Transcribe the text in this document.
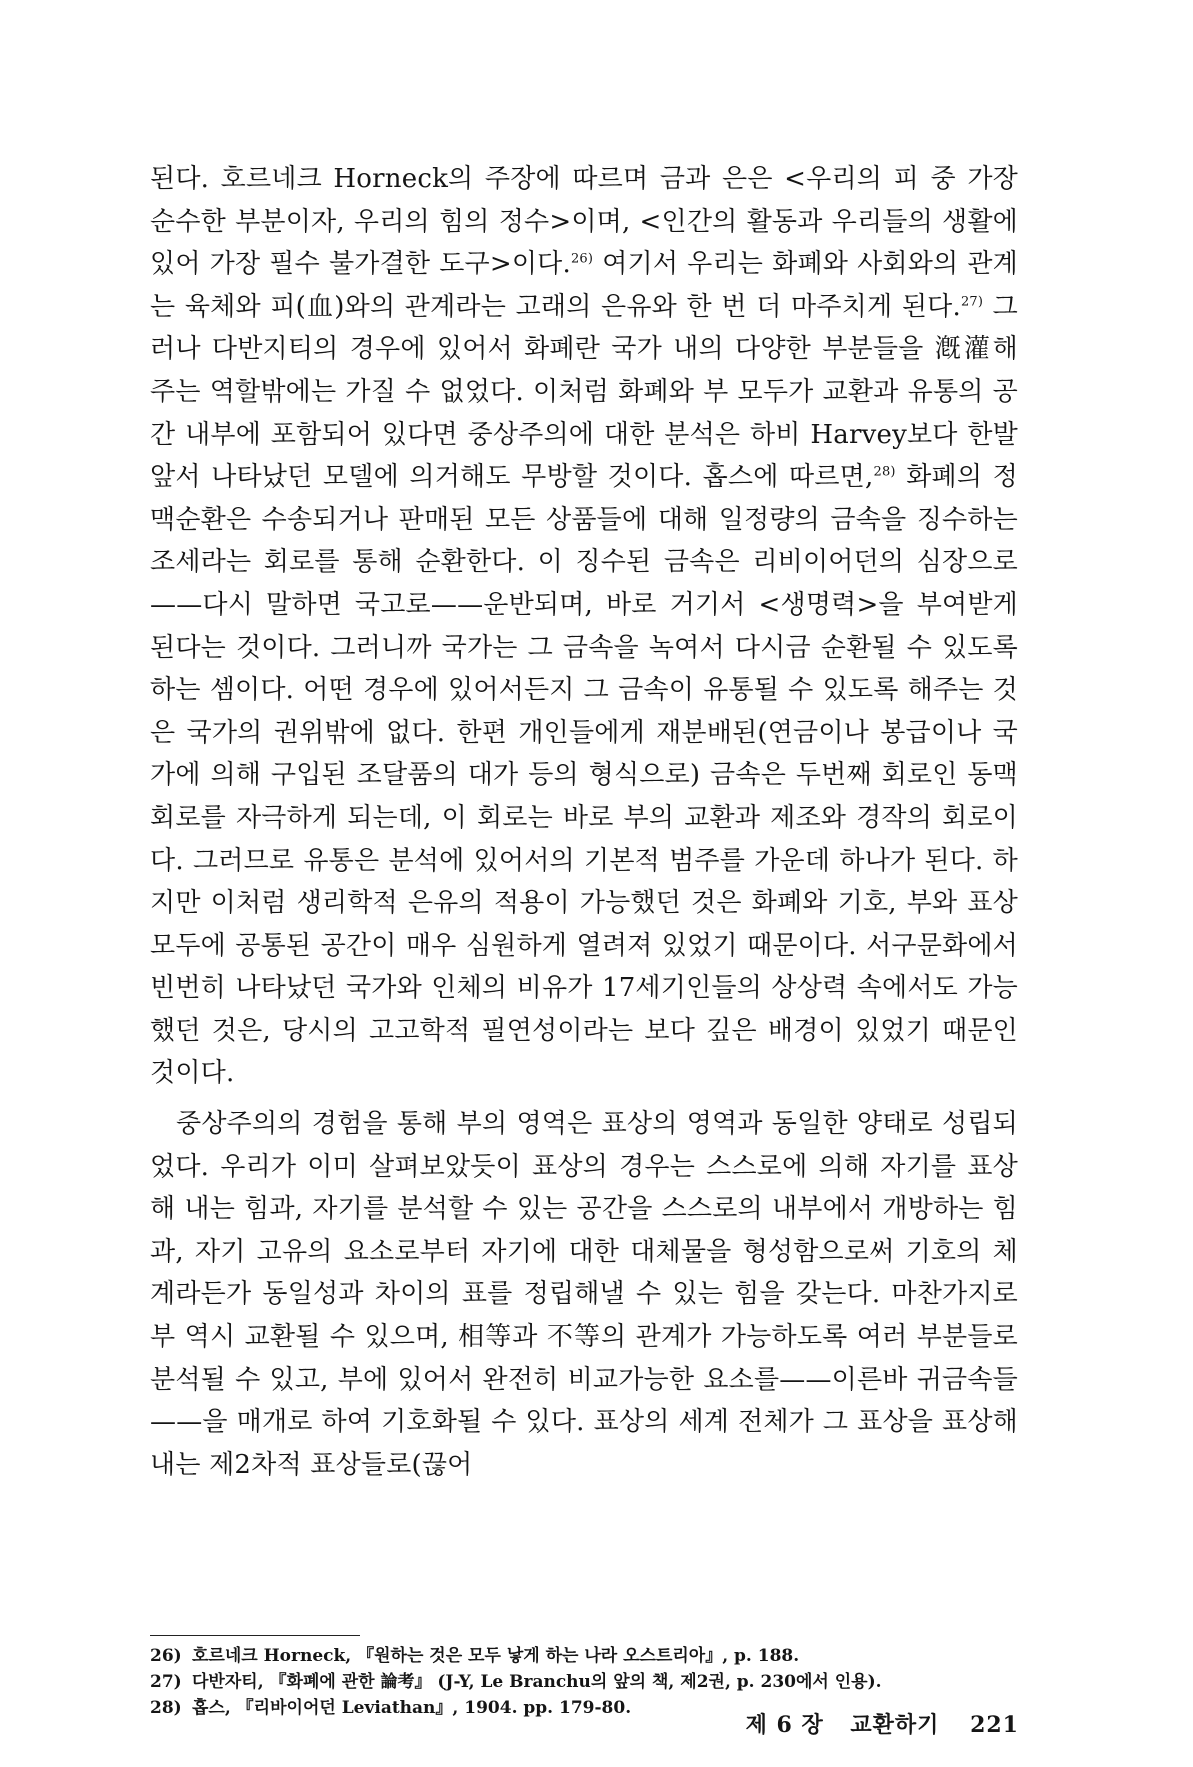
된다. 호르네크 Horneck의 주장에 따르며 금과 은은 <우리의 피 중 가장 순수한 부분이자, 우리의 힘의 정수>이며, <인간의 활동과 우리들의 생활에 있어 가장 필수 불가결한 도구>이다.$^{26)}$ 여기서 우리는 화폐와 사회와의 관계는 육체와 피(血)와의 관계라는 고래의 은유와 한 번 더 마주치게 된다.$^{27)}$ 그러나 다반지티의 경우에 있어서 화폐란 국가 내의 다양한 부분들을 漑灌해 주는 역할밖에는 가질 수 없었다. 이처럼 화폐와 부 모두가 교환과 유통의 공간 내부에 포함되어 있다면 중상주의에 대한 분석은 하비 Harvey보다 한발 앞서 나타났던 모델에 의거해도 무방할 것이다. 홉스에 따르면,$^{28)}$ 화폐의 정맥순환은 수송되거나 판매된 모든 상품들에 대해 일정량의 금속을 징수하는 조세라는 회로를 통해 순환한다. 이 징수된 금속은 리비이어던의 심장으로——다시 말하면 국고로——운반되며, 바로 거기서 <생명력>을 부여받게 된다는 것이다. 그러니까 국가는 그 금속을 녹여서 다시금 순환될 수 있도록 하는 셈이다. 어떤 경우에 있어서든지 그 금속이 유통될 수 있도록 해주는 것은 국가의 권위밖에 없다. 한편 개인들에게 재분배된(연금이나 봉급이나 국가에 의해 구입된 조달품의 대가 등의 형식으로) 금속은 두번째 회로인 동맥회로를 자극하게 되는데, 이 회로는 바로 부의 교환과 제조와 경작의 회로이다. 그러므로 유통은 분석에 있어서의 기본적 범주를 가운데 하나가 된다. 하지만 이처럼 생리학적 은유의 적용이 가능했던 것은 화폐와 기호, 부와 표상 모두에 공통된 공간이 매우 심원하게 열려져 있었기 때문이다. 서구문화에서 빈번히 나타났던 국가와 인체의 비유가 17세기인들의 상상력 속에서도 가능했던 것은, 당시의 고고학적 필연성이라는 보다 깊은 배경이 있었기 때문인 것이다.

중상주의의 경험을 통해 부의 영역은 표상의 영역과 동일한 양태로 성립되었다. 우리가 이미 살펴보았듯이 표상의 경우는 스스로에 의해 자기를 표상해 내는 힘과, 자기를 분석할 수 있는 공간을 스스로의 내부에서 개방하는 힘과, 자기 고유의 요소로부터 자기에 대한 대체물을 형성함으로써 기호의 체계라든가 동일성과 차이의 표를 정립해낼 수 있는 힘을 갖는다. 마찬가지로 부 역시 교환될 수 있으며, 相等과 不等의 관계가 가능하도록 여러 부분들로 분석될 수 있고, 부에 있어서 완전히 비교가능한 요소를——이른바 귀금속들——을 매개로 하여 기호화될 수 있다. 표상의 세계 전체가 그 표상을 표상해내는 제2차적 표상들로(끊어

26) 호르네크 Horneck, 『원하는 것은 모두 낳게 하는 나라 오스트리아』, p. 188.
27) 다반자티, 『화폐에 관한 論考』 (J-Y, Le Branchu의 앞의 책, 제2권, p. 230에서 인용).
28) 홉스, 『리바이어던 Leviathan』, 1904. pp. 179-80.
제 6 장 교환하기 221
